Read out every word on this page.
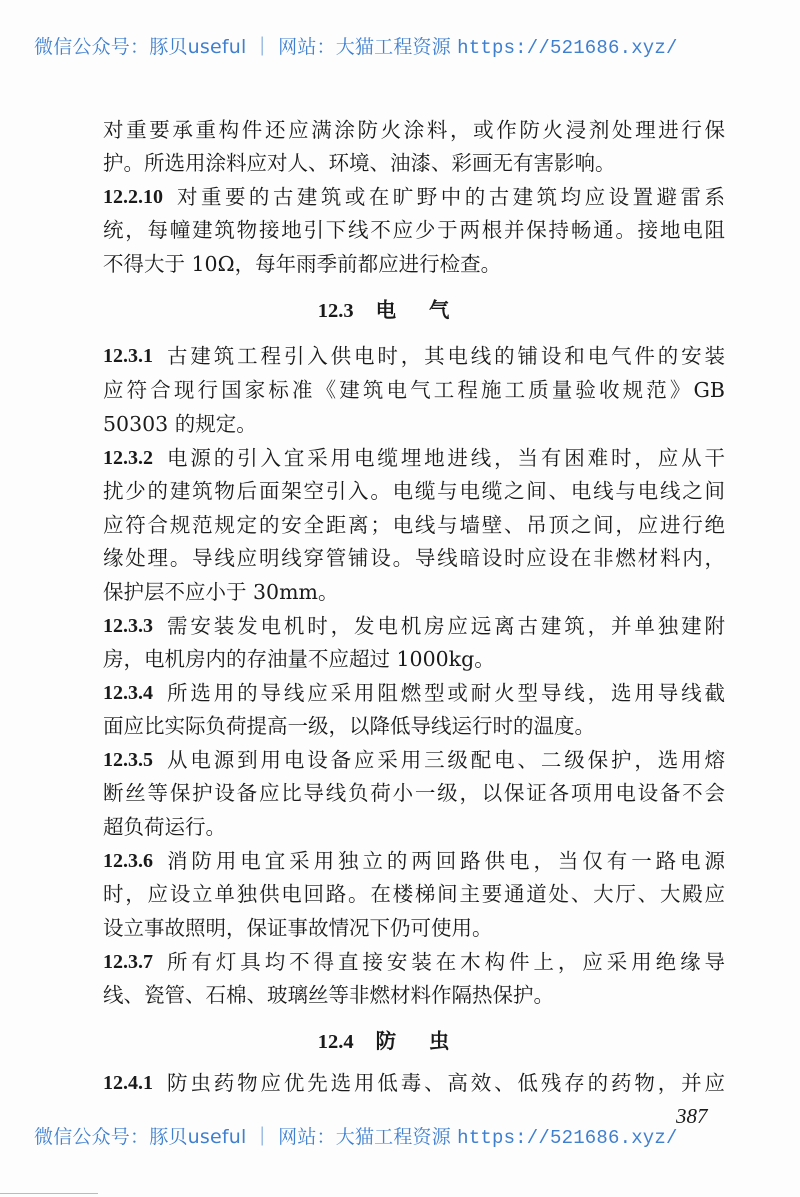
微信公众号：豚贝useful ｜ 网站：大猫工程资源 https://521686.xyz/
对重要承重构件还应满涂防火涂料，或作防火浸剂处理进行保
护。所选用涂料应对人、环境、油漆、彩画无有害影响。
12.2.10 对重要的古建筑或在旷野中的古建筑均应设置避雷系
统，每幢建筑物接地引下线不应少于两根并保持畅通。接地电阻
不得大于 10Ω，每年雨季前都应进行检查。
12.3.1 古建筑工程引入供电时，其电线的铺设和电气件的安装
应符合现行国家标准《建筑电气工程施工质量验收规范》GB
50303 的规定。
12.3.2 电源的引入宜采用电缆埋地进线，当有困难时，应从干
扰少的建筑物后面架空引入。电缆与电缆之间、电线与电线之间
应符合规范规定的安全距离；电线与墙壁、吊顶之间，应进行绝
缘处理。导线应明线穿管铺设。导线暗设时应设在非燃材料内，
保护层不应小于 30mm。
12.3.3 需安装发电机时，发电机房应远离古建筑，并单独建附
房，电机房内的存油量不应超过 1000kg。
12.3.4 所选用的导线应采用阻燃型或耐火型导线，选用导线截
面应比实际负荷提高一级，以降低导线运行时的温度。
12.3.5 从电源到用电设备应采用三级配电、二级保护，选用熔
断丝等保护设备应比导线负荷小一级，以保证各项用电设备不会
超负荷运行。
12.3.6 消防用电宜采用独立的两回路供电，当仅有一路电源
时，应设立单独供电回路。在楼梯间主要通道处、大厅、大殿应
设立事故照明，保证事故情况下仍可使用。
12.3.7 所有灯具均不得直接安装在木构件上，应采用绝缘导
线、瓷管、石棉、玻璃丝等非燃材料作隔热保护。
12.4.1 防虫药物应优先选用低毒、高效、低残存的药物，并应
12.3 电气
12.4 防虫
387
微信公众号：豚贝useful ｜ 网站：大猫工程资源 https://521686.xyz/
